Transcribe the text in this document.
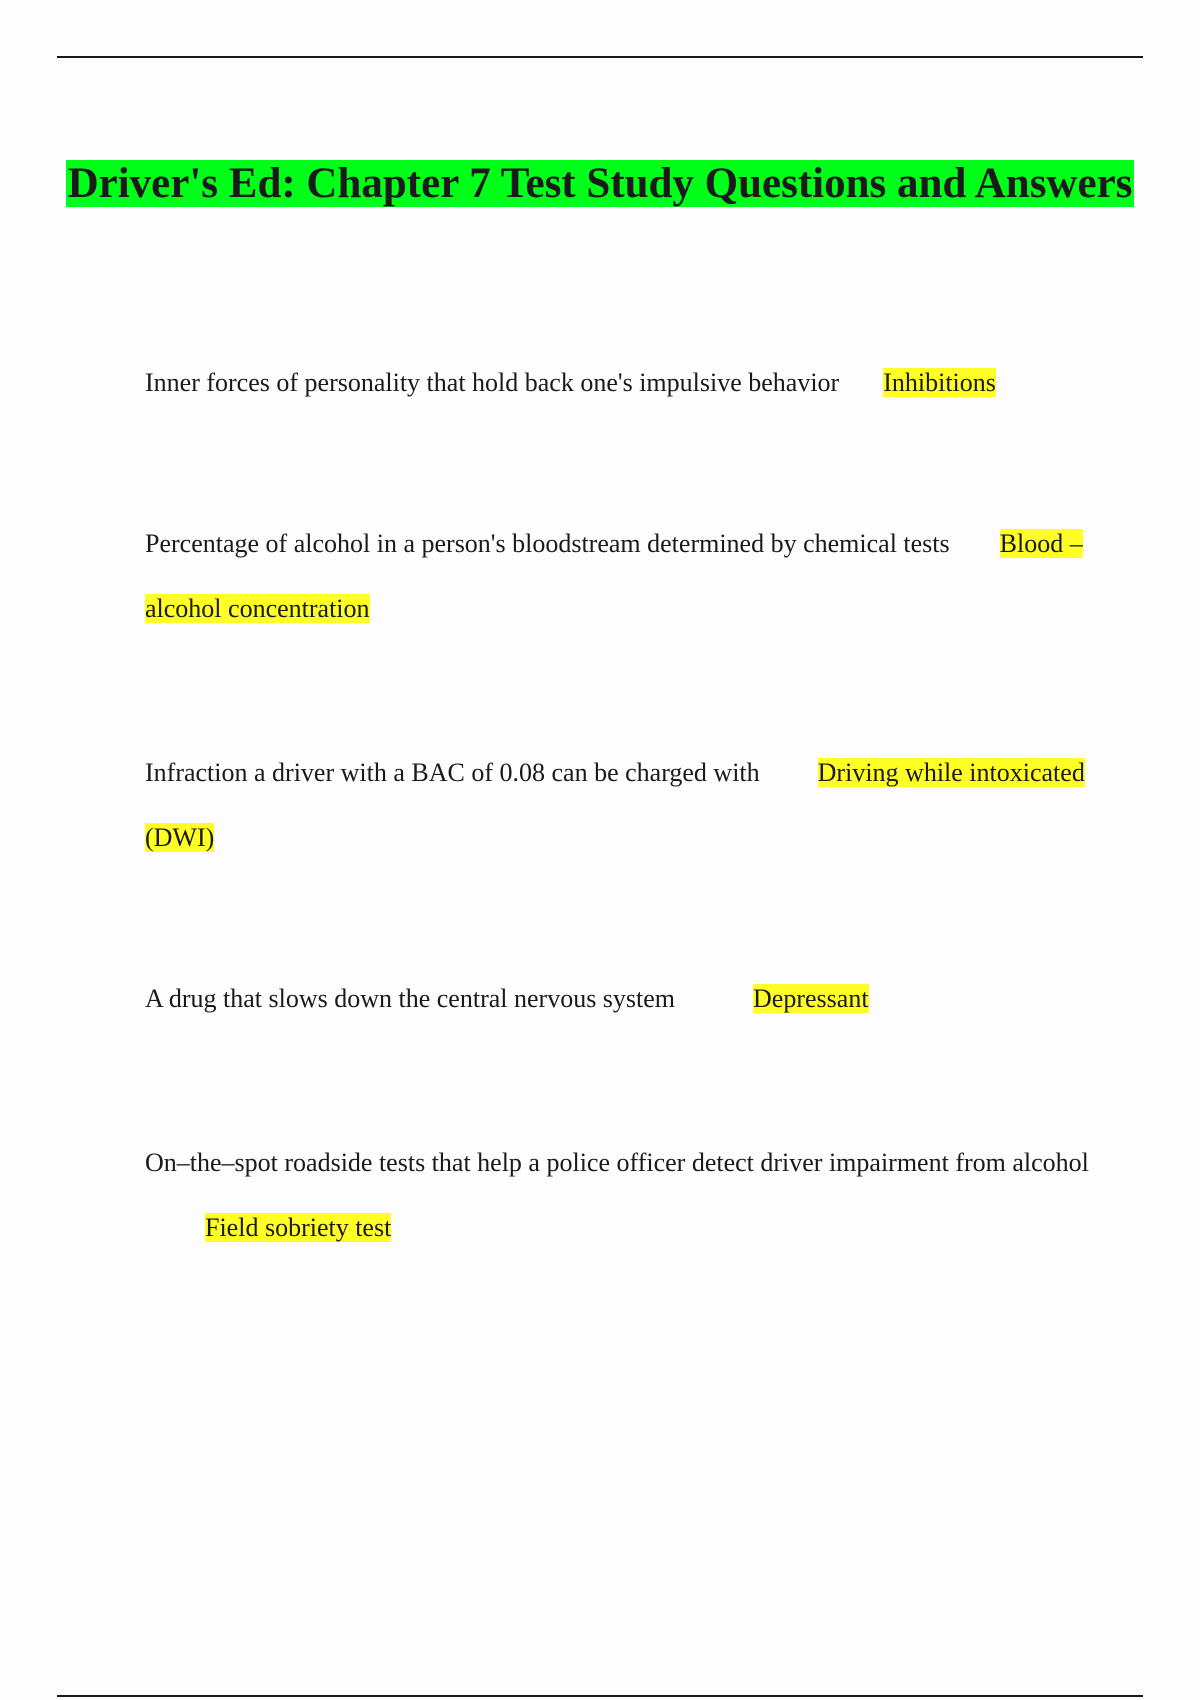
Driver's Ed: Chapter 7 Test Study Questions and Answers

Inner forces of personality that hold back one's impulsive behavior Inhibitions

Percentage of alcohol in a person's bloodstream determined by chemical tests Blood – alcohol concentration

Infraction a driver with a BAC of 0.08 can be charged with Driving while intoxicated (DWI)

A drug that slows down the central nervous system	Depressant

On–the–spot roadside tests that help a police officer detect driver impairment from alcoholField sobriety test
